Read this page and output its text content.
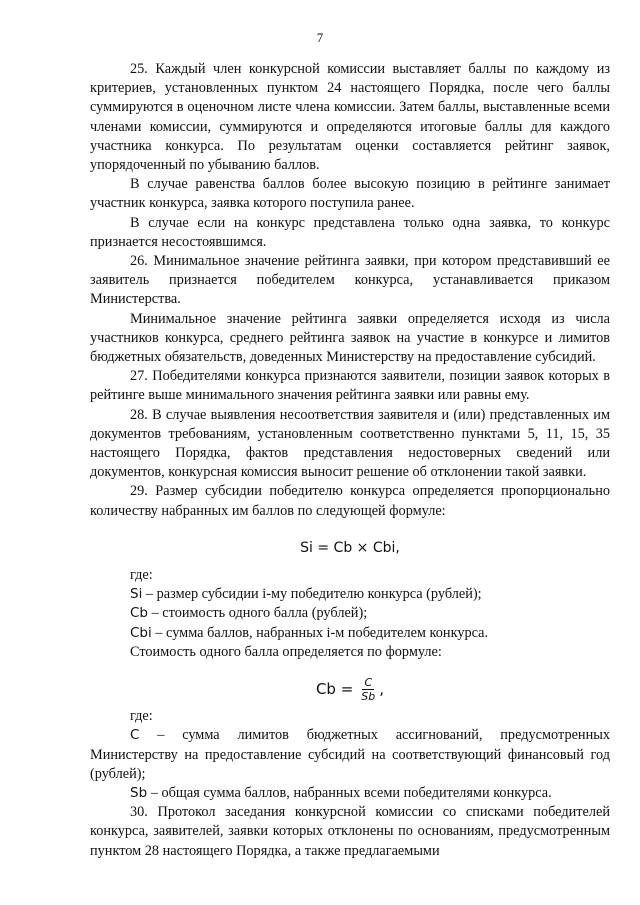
7

25. Каждый член конкурсной комиссии выставляет баллы по каждому из критериев, установленных пунктом 24 настоящего Порядка, после чего баллы суммируются в оценочном листе члена комиссии. Затем баллы, выставленные всеми членами комиссии, суммируются и определяются итоговые баллы для каждого участника конкурса. По результатам оценки составляется рейтинг заявок, упорядоченный по убыванию баллов.

В случае равенства баллов более высокую позицию в рейтинге занимает участник конкурса, заявка которого поступила ранее.

В случае если на конкурс представлена только одна заявка, то конкурс признается несостоявшимся.

26. Минимальное значение рейтинга заявки, при котором представивший ее заявитель признается победителем конкурса, устанавливается приказом Министерства.

Минимальное значение рейтинга заявки определяется исходя из числа участников конкурса, среднего рейтинга заявок на участие в конкурсе и лимитов бюджетных обязательств, доведенных Министерству на предоставление субсидий.

27. Победителями конкурса признаются заявители, позиции заявок которых в рейтинге выше минимального значения рейтинга заявки или равны ему.

28. В случае выявления несоответствия заявителя и (или) представленных им документов требованиям, установленным соответственно пунктами 5, 11, 15, 35 настоящего Порядка, фактов представления недостоверных сведений или документов, конкурсная комиссия выносит решение об отклонении такой заявки.

29. Размер субсидии победителю конкурса определяется пропорционально количеству набранных им баллов по следующей формуле:

Si = Cb × Cbi,

где:

Si – размер субсидии i-му победителю конкурса (рублей);

Cb – стоимость одного балла (рублей);

Cbi – сумма баллов, набранных i-м победителем конкурса.

Стоимость одного балла определяется по формуле:

$Cb = \frac{C}{Sb}$ ,

где:

C – сумма лимитов бюджетных ассигнований, предусмотренных Министерству на предоставление субсидий на соответствующий финансовый год (рублей);

Sb – общая сумма баллов, набранных всеми победителями конкурса.

30. Протокол заседания конкурсной комиссии со списками победителей конкурса, заявителей, заявки которых отклонены по основаниям, предусмотренным пунктом 28 настоящего Порядка, а также предлагаемыми
